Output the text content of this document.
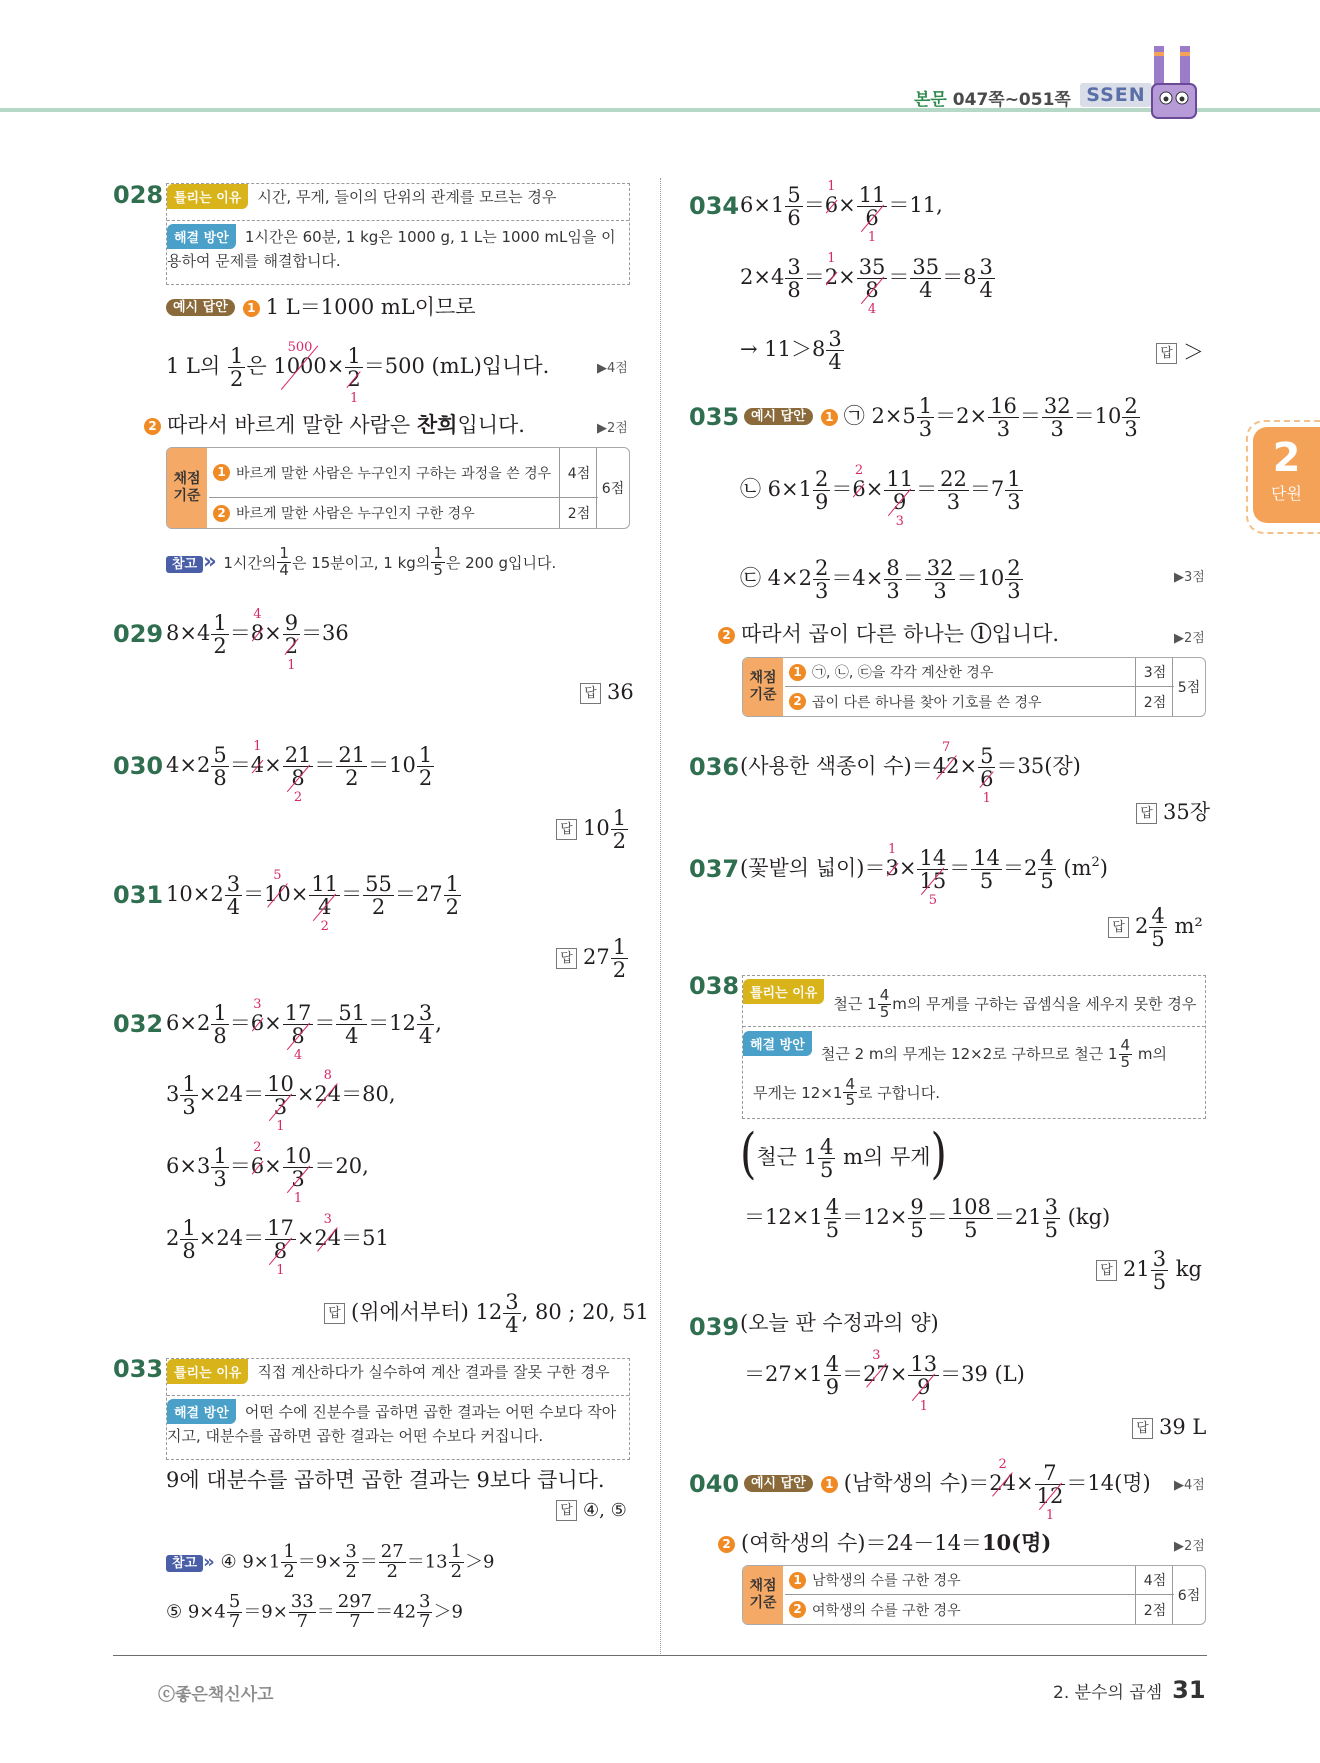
본문 047쪽~051쪽 SSEN
2
단원
028 틀리는 이유 시간, 무게, 들이의 단위의 관계를 모르는 경우
해결 방안 1시간은 60분, 1 kg은 1000 g, 1 L는 1000 mL임을 이용하여 문제를 해결합니다.
예시 답안 1 1 L＝1000 mL이므로
1 L의 $\frac{1}{2}$ 은 1000
500
× 1
2
1 ＝500 (mL)입니다.	▶4점
2 따라서 바르게 말한 사람은 찬희입니다.	▶2점
채점 기준
1 바르게 말한 사람은 누구인지 구하는 과정을 쓴 경우	4점
2 바르게 말한 사람은 누구인지 구한 경우	2점
6점
참고 » 1시간의 $\frac{1}{4}$ 은 15분이고, 1 kg의 $\frac{1}{5}$ 은 200 g입니다.
029 $8\times 4 \frac{1}{2} =8$
4
× 9
2
1 ＝36
답 36
030 $4\times 2 \frac{5}{8} =4$
1
× 21
8
$2 = \frac{21}{2} =10 \frac{1}{2}$
답 $10 \frac{1}{2}$
031 $10\times 2 \frac{3}{4} =10$
5
× 11
4
$2 = \frac{55}{2} =27 \frac{1}{2}$
답 $27 \frac{1}{2}$
032 $6\times 2 \frac{1}{8} =6$
3
× 17
8
$4 = \frac{51}{4} =12 \frac{3}{4}$ ,
$3 \frac{1}{3} \times 24= 10$
3
1 ×24
8
＝80,
$6\times 3 \frac{1}{3} =6$
2
× 10
3
1 ＝20,
$2 \frac{1}{8} \times 24= 17$
8
1 ×24
3
＝51
답 (위에서부터) $12 \frac{3}{4}$ , 80 ; 20, 51
033 틀리는 이유 직접 계산하다가 실수하여 계산 결과를 잘못 구한 경우
해결 방안 어떤 수에 진분수를 곱하면 곱한 결과는 어떤 수보다 작아지고, 대분수를 곱하면 곱한 결과는 어떤 수보다 커집니다.
9에 대분수를 곱하면 곱한 결과는 9보다 큽니다.
답 ④, ⑤
참고 » ④ $9\times 1 \frac{1}{2} =9\times \frac{3}{2} = \frac{27}{2} =13 \frac{1}{2} >9$
⑤ $9\times 4 \frac{5}{7} =9\times \frac{33}{7} = \frac{297}{7} =42 \frac{3}{7} >9$
034 $6\times 1 \frac{5}{6} =6$
1
× 11
6
1 ＝11,
$2\times 4 \frac{3}{8} =2$
1
× 35
8
$4 = \frac{35}{4} =8 \frac{3}{4}$
→ $11>8 \frac{3}{4}$	답 ＞
035 예시 답안 1 ㉠ $2\times 5 \frac{1}{3} =2\times \frac{16}{3} = \frac{32}{3} =10 \frac{2}{3}$
㉡ $6\times 1 \frac{2}{9} =6$
2
× 11
9
$3 = \frac{22}{3} =7 \frac{1}{3}$
㉢ $4\times 2 \frac{2}{3} =4\times \frac{8}{3} = \frac{32}{3} =10 \frac{2}{3}$	▶3점
2 따라서 곱이 다른 하나는 ⓛ입니다.	▶2점
채점 기준
1 ㉠, ㉡, ㉢을 각각 계산한 경우	3점
2 곱이 다른 하나를 찾아 기호를 쓴 경우	2점
5점
036 (사용한 색종이 수)＝42
7
× 5
6
1 ＝35(장)
답 35장
037 (꽃밭의 넓이)＝3
1
× 14
15
$5 = \frac{14}{5} =2 \frac{4}{5} (m^2)$
답 $2 \frac{4}{5} m^2$
038 틀리는 이유 철근 $1 \frac{4}{5}$ m의 무게를 구하는 곱셈식을 세우지 못한 경우
해결 방안 철근 2 m의 무게는 12×2로 구하므로 철근 $1 \frac{4}{5}$ m의
무게는 $12\times 1 \frac{4}{5}$ 로 구합니다.
(철근 $1 \frac{4}{5}$ m의 무게)
$=12\times 1 \frac{4}{5} =12\times \frac{9}{5} = \frac{108}{5} =21 \frac{3}{5} (kg)$
답 $21 \frac{3}{5}$ kg
039 (오늘 판 수정과의 양)
$=27\times 1 \frac{4}{9} =27$
3
× 13
9
1 ＝39 (L)
답 39 L
040 예시 답안 1 (남학생의 수)＝24
2
× 7
12
1 ＝14(명) ▶4점
2 (여학생의 수)＝24－14＝10(명)	▶2점
채점 기준
1 남학생의 수를 구한 경우	4점
2 여학생의 수를 구한 경우	2점
6점
ⓒ좋은책신사고	2. 분수의 곱셈 31
